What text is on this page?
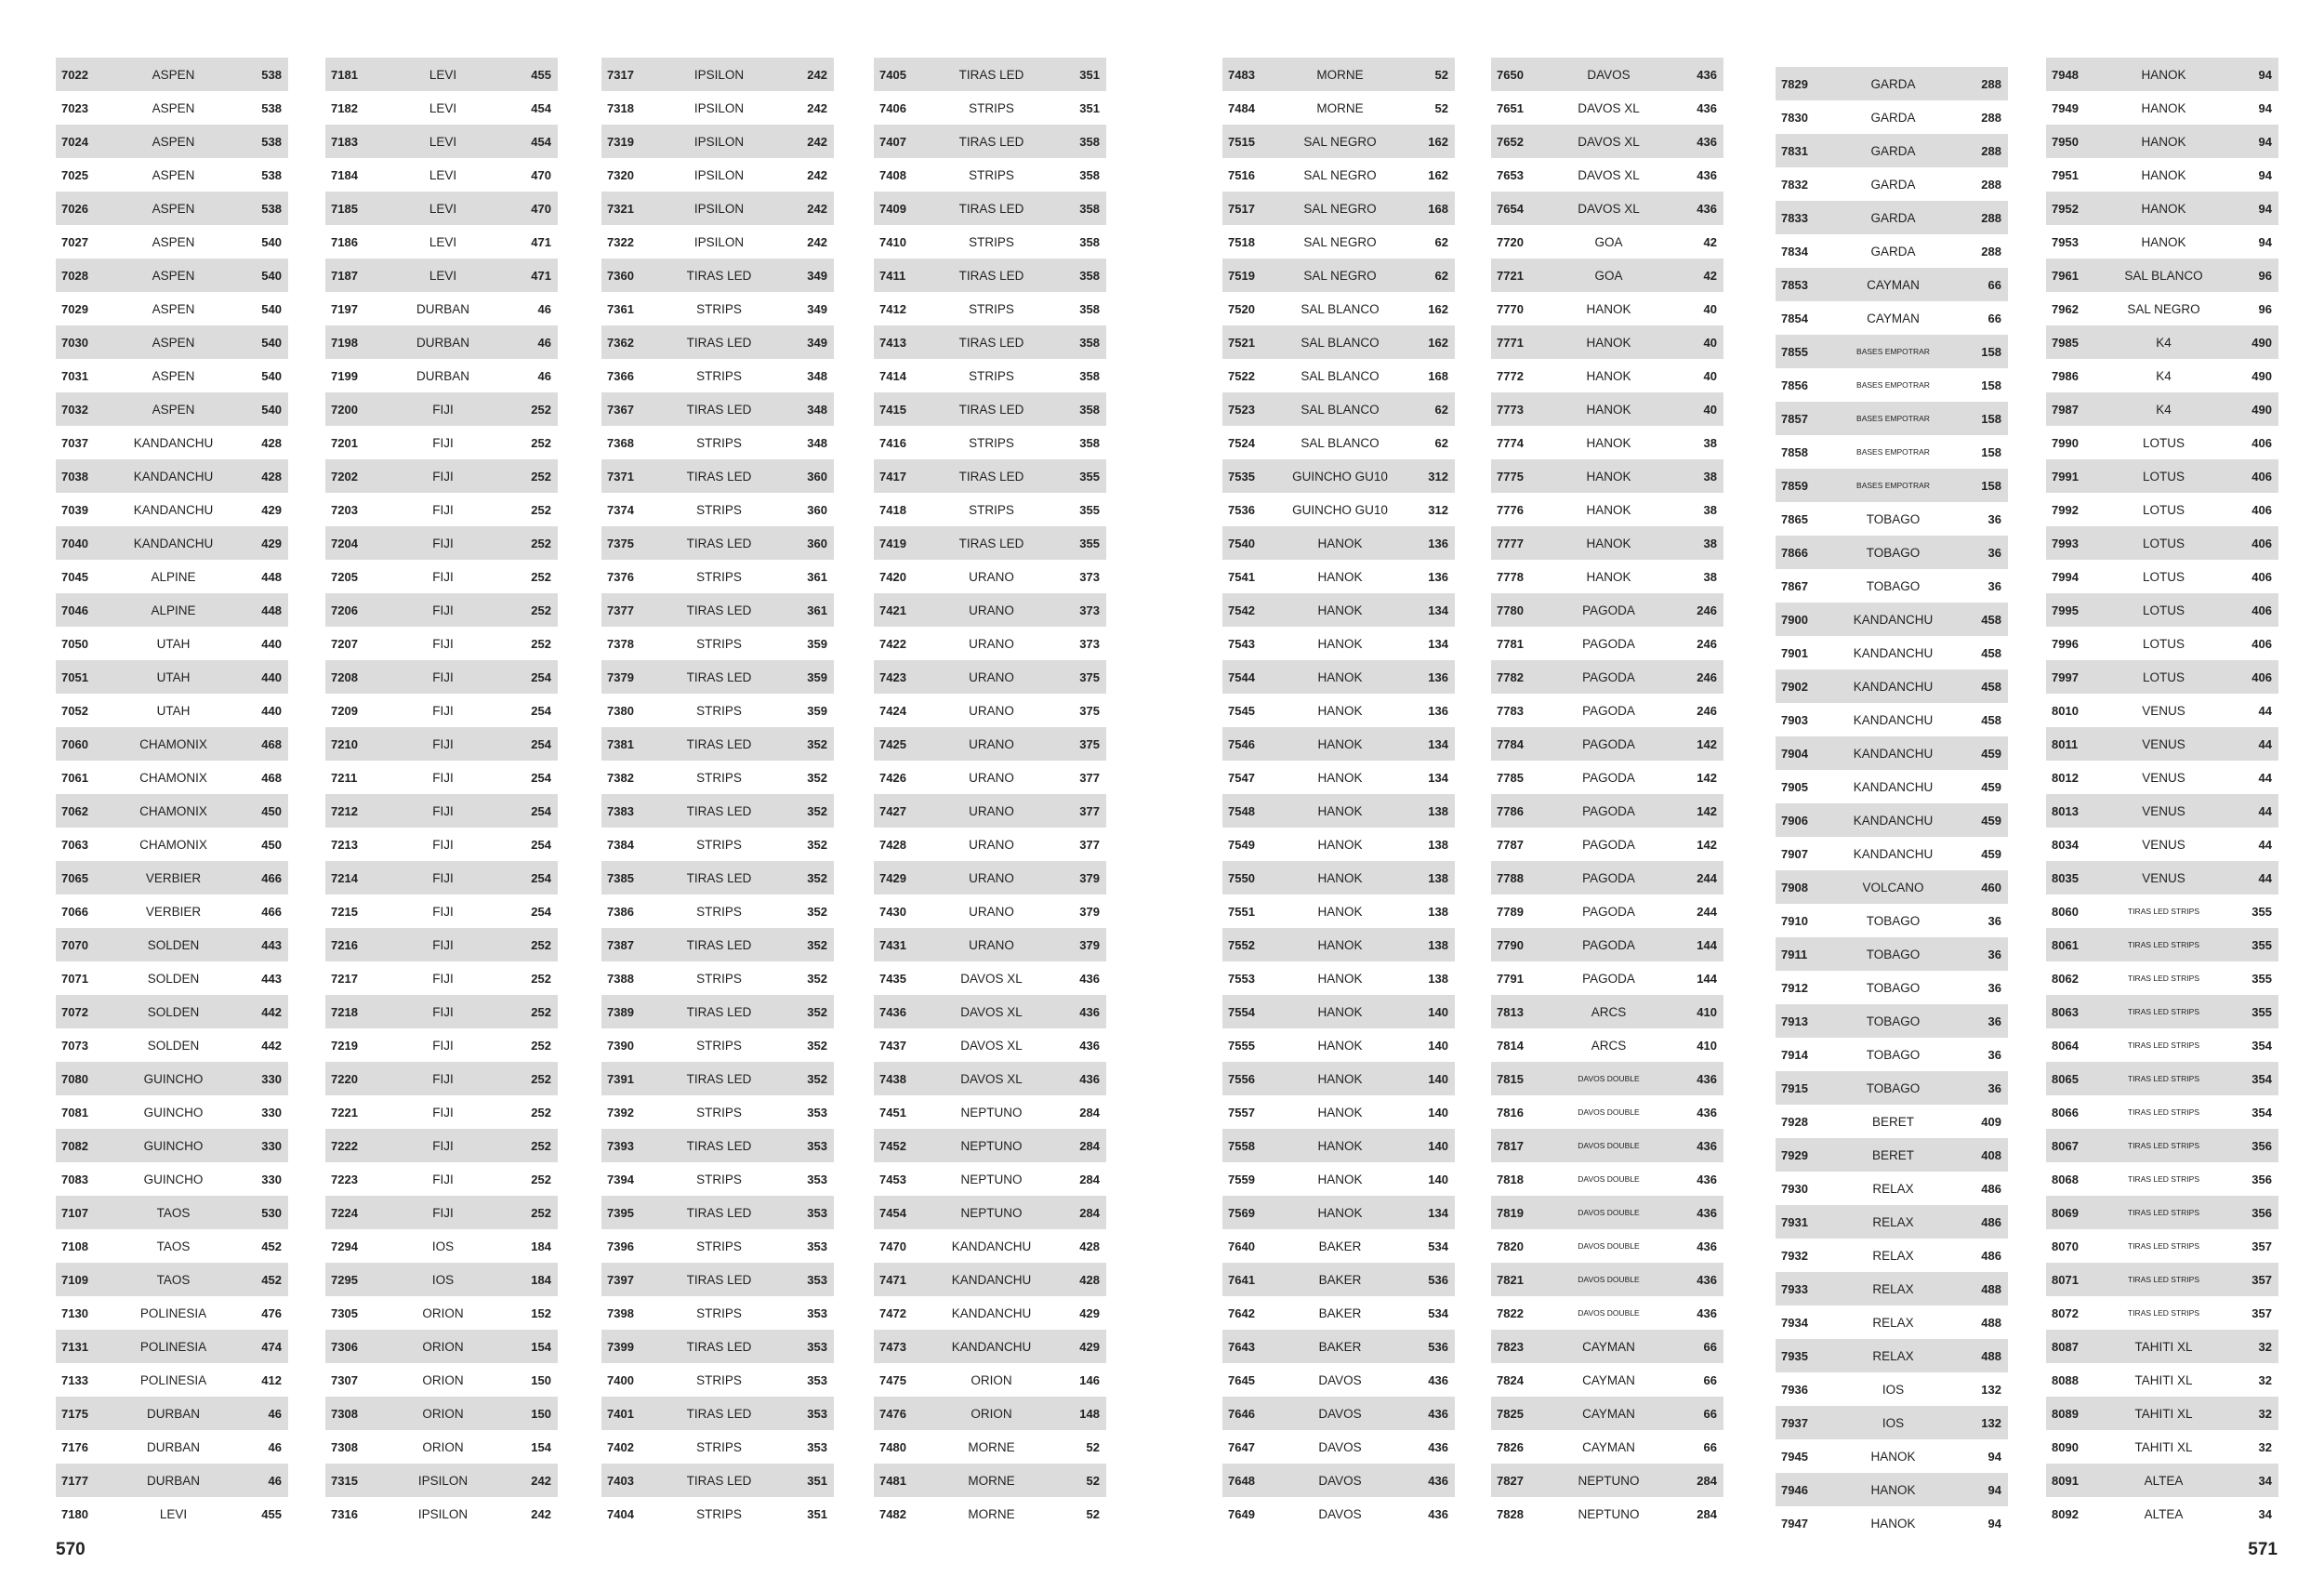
7022	ASPEN	538
7023	ASPEN	538
7024	ASPEN	538
7025	ASPEN	538
7026	ASPEN	538
7027	ASPEN	540
7028	ASPEN	540
7029	ASPEN	540
7030	ASPEN	540
7031	ASPEN	540
7032	ASPEN	540
7037	KANDANCHU	428
7038	KANDANCHU	428
7039	KANDANCHU	429
7040	KANDANCHU	429
7045	ALPINE	448
7046	ALPINE	448
7050	UTAH	440
7051	UTAH	440
7052	UTAH	440
7060	CHAMONIX	468
7061	CHAMONIX	468
7062	CHAMONIX	450
7063	CHAMONIX	450
7065	VERBIER	466
7066	VERBIER	466
7070	SOLDEN	443
7071	SOLDEN	443
7072	SOLDEN	442
7073	SOLDEN	442
7080	GUINCHO	330
7081	GUINCHO	330
7082	GUINCHO	330
7083	GUINCHO	330
7107	TAOS	530
7108	TAOS	452
7109	TAOS	452
7130	POLINESIA	476
7131	POLINESIA	474
7133	POLINESIA	412
7175	DURBAN	46
7176	DURBAN	46
7177	DURBAN	46
7180	LEVI	455
7181	LEVI	455
7182	LEVI	454
7183	LEVI	454
7184	LEVI	470
7185	LEVI	470
7186	LEVI	471
7187	LEVI	471
7197	DURBAN	46
7198	DURBAN	46
7199	DURBAN	46
7200	FIJI	252
7201	FIJI	252
7202	FIJI	252
7203	FIJI	252
7204	FIJI	252
7205	FIJI	252
7206	FIJI	252
7207	FIJI	252
7208	FIJI	254
7209	FIJI	254
7210	FIJI	254
7211	FIJI	254
7212	FIJI	254
7213	FIJI	254
7214	FIJI	254
7215	FIJI	254
7216	FIJI	252
7217	FIJI	252
7218	FIJI	252
7219	FIJI	252
7220	FIJI	252
7221	FIJI	252
7222	FIJI	252
7223	FIJI	252
7224	FIJI	252
7294	IOS	184
7295	IOS	184
7305	ORION	152
7306	ORION	154
7307	ORION	150
7308	ORION	150
7308	ORION	154
7315	IPSILON	242
7316	IPSILON	242
7317	IPSILON	242
7318	IPSILON	242
7319	IPSILON	242
7320	IPSILON	242
7321	IPSILON	242
7322	IPSILON	242
7360	TIRAS LED	349
7361	STRIPS	349
7362	TIRAS LED	349
7366	STRIPS	348
7367	TIRAS LED	348
7368	STRIPS	348
7371	TIRAS LED	360
7374	STRIPS	360
7375	TIRAS LED	360
7376	STRIPS	361
7377	TIRAS LED	361
7378	STRIPS	359
7379	TIRAS LED	359
7380	STRIPS	359
7381	TIRAS LED	352
7382	STRIPS	352
7383	TIRAS LED	352
7384	STRIPS	352
7385	TIRAS LED	352
7386	STRIPS	352
7387	TIRAS LED	352
7388	STRIPS	352
7389	TIRAS LED	352
7390	STRIPS	352
7391	TIRAS LED	352
7392	STRIPS	353
7393	TIRAS LED	353
7394	STRIPS	353
7395	TIRAS LED	353
7396	STRIPS	353
7397	TIRAS LED	353
7398	STRIPS	353
7399	TIRAS LED	353
7400	STRIPS	353
7401	TIRAS LED	353
7402	STRIPS	353
7403	TIRAS LED	351
7404	STRIPS	351
7405	TIRAS LED	351
7406	STRIPS	351
7407	TIRAS LED	358
7408	STRIPS	358
7409	TIRAS LED	358
7410	STRIPS	358
7411	TIRAS LED	358
7412	STRIPS	358
7413	TIRAS LED	358
7414	STRIPS	358
7415	TIRAS LED	358
7416	STRIPS	358
7417	TIRAS LED	355
7418	STRIPS	355
7419	TIRAS LED	355
7420	URANO	373
7421	URANO	373
7422	URANO	373
7423	URANO	375
7424	URANO	375
7425	URANO	375
7426	URANO	377
7427	URANO	377
7428	URANO	377
7429	URANO	379
7430	URANO	379
7431	URANO	379
7435	DAVOS XL	436
7436	DAVOS XL	436
7437	DAVOS XL	436
7438	DAVOS XL	436
7451	NEPTUNO	284
7452	NEPTUNO	284
7453	NEPTUNO	284
7454	NEPTUNO	284
7470	KANDANCHU	428
7471	KANDANCHU	428
7472	KANDANCHU	429
7473	KANDANCHU	429
7475	ORION	146
7476	ORION	148
7480	MORNE	52
7481	MORNE	52
7482	MORNE	52
7483	MORNE	52
7484	MORNE	52
7515	SAL NEGRO	162
7516	SAL NEGRO	162
7517	SAL NEGRO	168
7518	SAL NEGRO	62
7519	SAL NEGRO	62
7520	SAL BLANCO	162
7521	SAL BLANCO	162
7522	SAL BLANCO	168
7523	SAL BLANCO	62
7524	SAL BLANCO	62
7535	GUINCHO GU10	312
7536	GUINCHO GU10	312
7540	HANOK	136
7541	HANOK	136
7542	HANOK	134
7543	HANOK	134
7544	HANOK	136
7545	HANOK	136
7546	HANOK	134
7547	HANOK	134
7548	HANOK	138
7549	HANOK	138
7550	HANOK	138
7551	HANOK	138
7552	HANOK	138
7553	HANOK	138
7554	HANOK	140
7555	HANOK	140
7556	HANOK	140
7557	HANOK	140
7558	HANOK	140
7559	HANOK	140
7569	HANOK	134
7640	BAKER	534
7641	BAKER	536
7642	BAKER	534
7643	BAKER	536
7645	DAVOS	436
7646	DAVOS	436
7647	DAVOS	436
7648	DAVOS	436
7649	DAVOS	436
7650	DAVOS	436
7651	DAVOS XL	436
7652	DAVOS XL	436
7653	DAVOS XL	436
7654	DAVOS XL	436
7720	GOA	42
7721	GOA	42
7770	HANOK	40
7771	HANOK	40
7772	HANOK	40
7773	HANOK	40
7774	HANOK	38
7775	HANOK	38
7776	HANOK	38
7777	HANOK	38
7778	HANOK	38
7780	PAGODA	246
7781	PAGODA	246
7782	PAGODA	246
7783	PAGODA	246
7784	PAGODA	142
7785	PAGODA	142
7786	PAGODA	142
7787	PAGODA	142
7788	PAGODA	244
7789	PAGODA	244
7790	PAGODA	144
7791	PAGODA	144
7813	ARCS	410
7814	ARCS	410
7815	DAVOS DOUBLE	436
7816	DAVOS DOUBLE	436
7817	DAVOS DOUBLE	436
7818	DAVOS DOUBLE	436
7819	DAVOS DOUBLE	436
7820	DAVOS DOUBLE	436
7821	DAVOS DOUBLE	436
7822	DAVOS DOUBLE	436
7823	CAYMAN	66
7824	CAYMAN	66
7825	CAYMAN	66
7826	CAYMAN	66
7827	NEPTUNO	284
7828	NEPTUNO	284
7829	GARDA	288
7830	GARDA	288
7831	GARDA	288
7832	GARDA	288
7833	GARDA	288
7834	GARDA	288
7853	CAYMAN	66
7854	CAYMAN	66
7855	BASES EMPOTRAR	158
7856	BASES EMPOTRAR	158
7857	BASES EMPOTRAR	158
7858	BASES EMPOTRAR	158
7859	BASES EMPOTRAR	158
7865	TOBAGO	36
7866	TOBAGO	36
7867	TOBAGO	36
7900	KANDANCHU	458
7901	KANDANCHU	458
7902	KANDANCHU	458
7903	KANDANCHU	458
7904	KANDANCHU	459
7905	KANDANCHU	459
7906	KANDANCHU	459
7907	KANDANCHU	459
7908	VOLCANO	460
7910	TOBAGO	36
7911	TOBAGO	36
7912	TOBAGO	36
7913	TOBAGO	36
7914	TOBAGO	36
7915	TOBAGO	36
7928	BERET	409
7929	BERET	408
7930	RELAX	486
7931	RELAX	486
7932	RELAX	486
7933	RELAX	488
7934	RELAX	488
7935	RELAX	488
7936	IOS	132
7937	IOS	132
7945	HANOK	94
7946	HANOK	94
7947	HANOK	94
7948	HANOK	94
7949	HANOK	94
7950	HANOK	94
7951	HANOK	94
7952	HANOK	94
7953	HANOK	94
7961	SAL BLANCO	96
7962	SAL NEGRO	96
7985	K4	490
7986	K4	490
7987	K4	490
7990	LOTUS	406
7991	LOTUS	406
7992	LOTUS	406
7993	LOTUS	406
7994	LOTUS	406
7995	LOTUS	406
7996	LOTUS	406
7997	LOTUS	406
8010	VENUS	44
8011	VENUS	44
8012	VENUS	44
8013	VENUS	44
8034	VENUS	44
8035	VENUS	44
8060	TIRAS LED STRIPS	355
8061	TIRAS LED STRIPS	355
8062	TIRAS LED STRIPS	355
8063	TIRAS LED STRIPS	355
8064	TIRAS LED STRIPS	354
8065	TIRAS LED STRIPS	354
8066	TIRAS LED STRIPS	354
8067	TIRAS LED STRIPS	356
8068	TIRAS LED STRIPS	356
8069	TIRAS LED STRIPS	356
8070	TIRAS LED STRIPS	357
8071	TIRAS LED STRIPS	357
8072	TIRAS LED STRIPS	357
8087	TAHITI XL	32
8088	TAHITI XL	32
8089	TAHITI XL	32
8090	TAHITI XL	32
8091	ALTEA	34
8092	ALTEA	34
570	571
